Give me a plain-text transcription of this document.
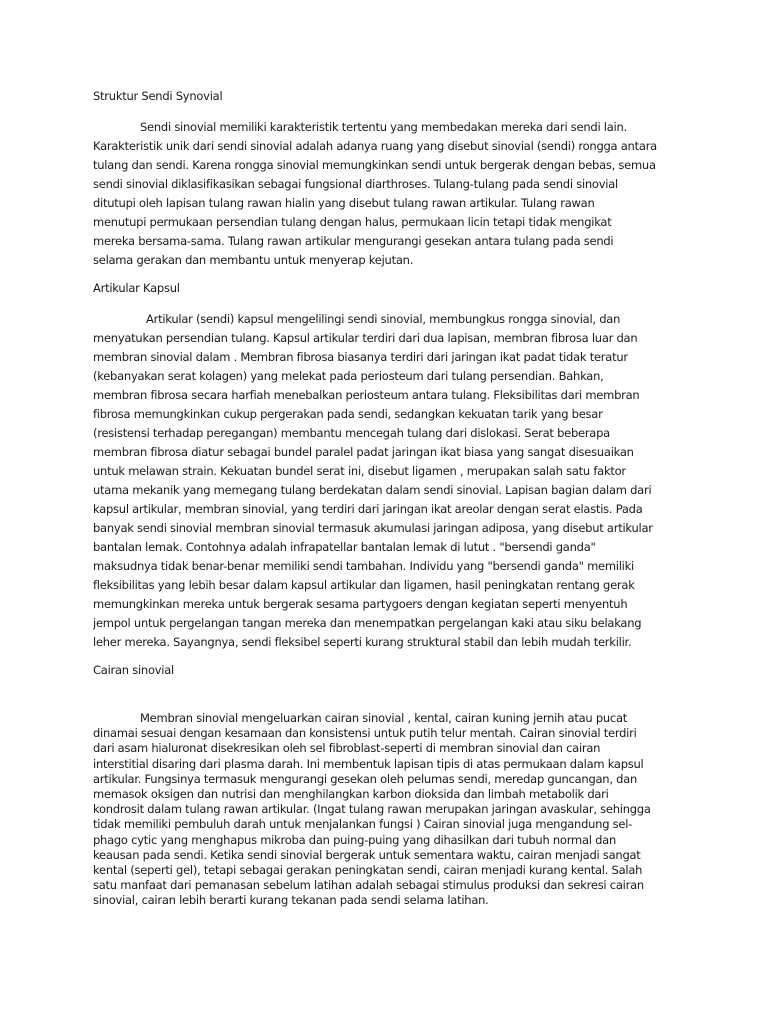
Struktur Sendi Synovial
Sendi sinovial memiliki karakteristik tertentu yang membedakan mereka dari sendi lain.
Karakteristik unik dari sendi sinovial adalah adanya ruang yang disebut sinovial (sendi) rongga antara
tulang dan sendi. Karena rongga sinovial memungkinkan sendi untuk bergerak dengan bebas, semua
sendi sinovial diklasifikasikan sebagai fungsional diarthroses. Tulang-tulang pada sendi sinovial
ditutupi oleh lapisan tulang rawan hialin yang disebut tulang rawan artikular. Tulang rawan
menutupi permukaan persendian tulang dengan halus, permukaan licin tetapi tidak mengikat
mereka bersama-sama. Tulang rawan artikular mengurangi gesekan antara tulang pada sendi
selama gerakan dan membantu untuk menyerap kejutan.
Artikular Kapsul
Artikular (sendi) kapsul mengelilingi sendi sinovial, membungkus rongga sinovial, dan
menyatukan persendian tulang. Kapsul artikular terdiri dari dua lapisan, membran fibrosa luar dan
membran sinovial dalam . Membran fibrosa biasanya terdiri dari jaringan ikat padat tidak teratur
(kebanyakan serat kolagen) yang melekat pada periosteum dari tulang persendian. Bahkan,
membran fibrosa secara harfiah menebalkan periosteum antara tulang. Fleksibilitas dari membran
fibrosa memungkinkan cukup pergerakan pada sendi, sedangkan kekuatan tarik yang besar
(resistensi terhadap peregangan) membantu mencegah tulang dari dislokasi. Serat beberapa
membran fibrosa diatur sebagai bundel paralel padat jaringan ikat biasa yang sangat disesuaikan
untuk melawan strain. Kekuatan bundel serat ini, disebut ligamen , merupakan salah satu faktor
utama mekanik yang memegang tulang berdekatan dalam sendi sinovial. Lapisan bagian dalam dari
kapsul artikular, membran sinovial, yang terdiri dari jaringan ikat areolar dengan serat elastis. Pada
banyak sendi sinovial membran sinovial termasuk akumulasi jaringan adiposa, yang disebut artikular
bantalan lemak. Contohnya adalah infrapatellar bantalan lemak di lutut . "bersendi ganda"
maksudnya tidak benar-benar memiliki sendi tambahan. Individu yang "bersendi ganda" memiliki
fleksibilitas yang lebih besar dalam kapsul artikular dan ligamen, hasil peningkatan rentang gerak
memungkinkan mereka untuk bergerak sesama partygoers dengan kegiatan seperti menyentuh
jempol untuk pergelangan tangan mereka dan menempatkan pergelangan kaki atau siku belakang
leher mereka. Sayangnya, sendi fleksibel seperti kurang struktural stabil dan lebih mudah terkilir.
Cairan sinovial
Membran sinovial mengeluarkan cairan sinovial , kental, cairan kuning jernih atau pucat
dinamai sesuai dengan kesamaan dan konsistensi untuk putih telur mentah. Cairan sinovial terdiri
dari asam hialuronat disekresikan oleh sel fibroblast-seperti di membran sinovial dan cairan
interstitial disaring dari plasma darah. Ini membentuk lapisan tipis di atas permukaan dalam kapsul
artikular. Fungsinya termasuk mengurangi gesekan oleh pelumas sendi, meredap guncangan, dan
memasok oksigen dan nutrisi dan menghilangkan karbon dioksida dan limbah metabolik dari
kondrosit dalam tulang rawan artikular. (Ingat tulang rawan merupakan jaringan avaskular, sehingga
tidak memiliki pembuluh darah untuk menjalankan fungsi ) Cairan sinovial juga mengandung sel-
phago cytic yang menghapus mikroba dan puing-puing yang dihasilkan dari tubuh normal dan
keausan pada sendi. Ketika sendi sinovial bergerak untuk sementara waktu, cairan menjadi sangat
kental (seperti gel), tetapi sebagai gerakan peningkatan sendi, cairan menjadi kurang kental. Salah
satu manfaat dari pemanasan sebelum latihan adalah sebagai stimulus produksi dan sekresi cairan
sinovial, cairan lebih berarti kurang tekanan pada sendi selama latihan.
